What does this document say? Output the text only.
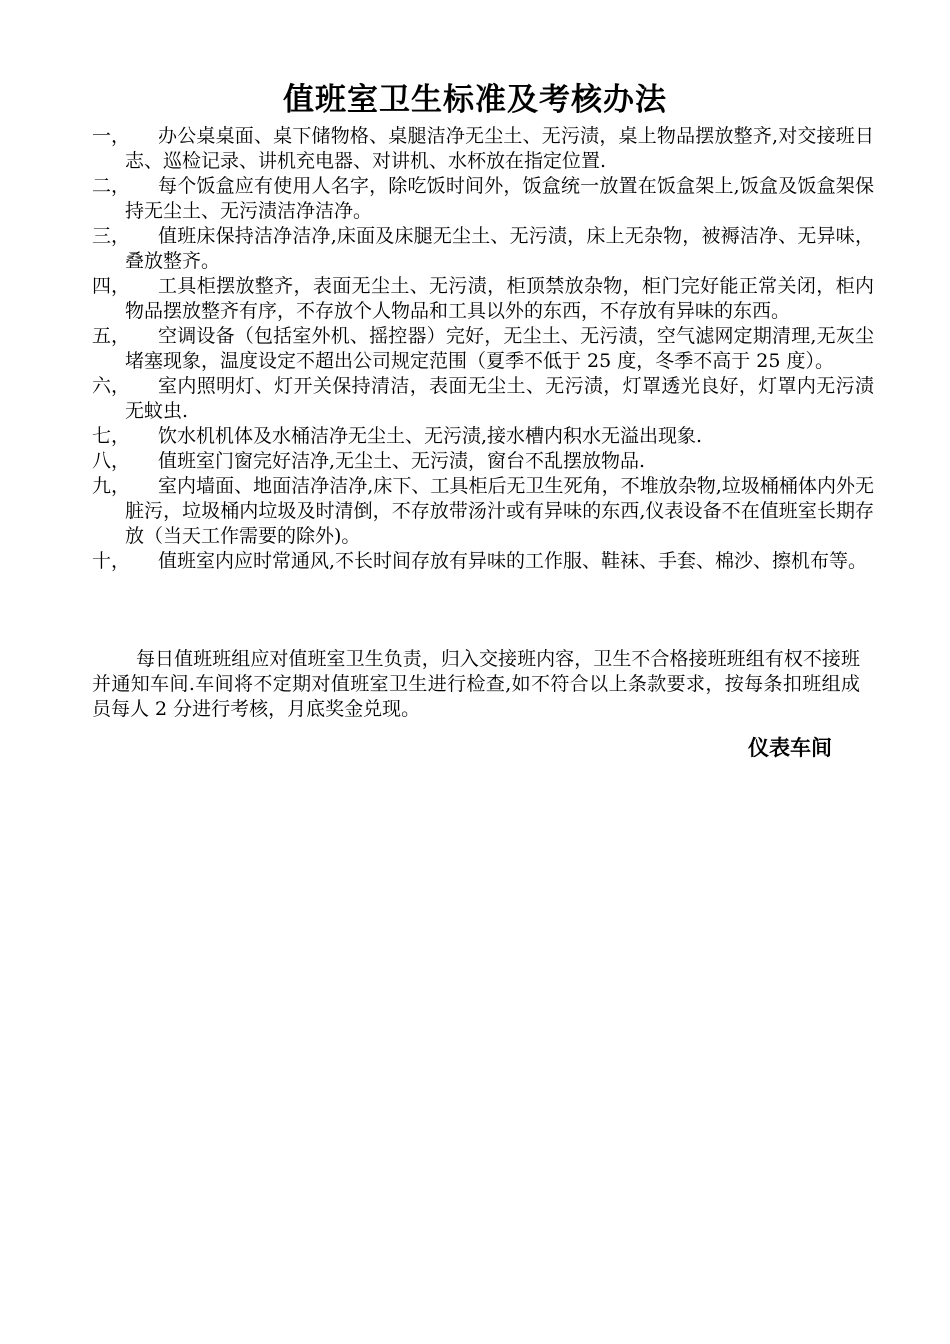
值班室卫生标准及考核办法
一，	办公桌桌面、桌下储物格、桌腿洁净无尘土、无污渍，桌上物品摆放整齐,对交接班日志、巡检记录、讲机充电器、对讲机、水杯放在指定位置.
二，	每个饭盒应有使用人名字，除吃饭时间外，饭盒统一放置在饭盒架上,饭盒及饭盒架保持无尘土、无污渍洁净洁净。
三，	值班床保持洁净洁净,床面及床腿无尘土、无污渍，床上无杂物，被褥洁净、无异味，叠放整齐。
四，	工具柜摆放整齐，表面无尘土、无污渍，柜顶禁放杂物，柜门完好能正常关闭，柜内物品摆放整齐有序，不存放个人物品和工具以外的东西，不存放有异味的东西。
五，	空调设备（包括室外机、摇控器）完好，无尘土、无污渍，空气滤网定期清理,无灰尘堵塞现象，温度设定不超出公司规定范围（夏季不低于 25 度，冬季不高于 25 度）。
六，	室内照明灯、灯开关保持清洁，表面无尘土、无污渍，灯罩透光良好，灯罩内无污渍无蚊虫.
七，	饮水机机体及水桶洁净无尘土、无污渍,接水槽内积水无溢出现象.
八，	值班室门窗完好洁净,无尘土、无污渍，窗台不乱摆放物品.
九，	室内墙面、地面洁净洁净,床下、工具柜后无卫生死角，不堆放杂物,垃圾桶桶体内外无脏污，垃圾桶内垃圾及时清倒，不存放带汤汁或有异味的东西,仪表设备不在值班室长期存放（当天工作需要的除外)。
十，	值班室内应时常通风,不长时间存放有异味的工作服、鞋袜、手套、棉沙、擦机布等。
每日值班班组应对值班室卫生负责，归入交接班内容，卫生不合格接班班组有权不接班并通知车间.车间将不定期对值班室卫生进行检查,如不符合以上条款要求，按每条扣班组成员每人 2 分进行考核，月底奖金兑现。
仪表车间
